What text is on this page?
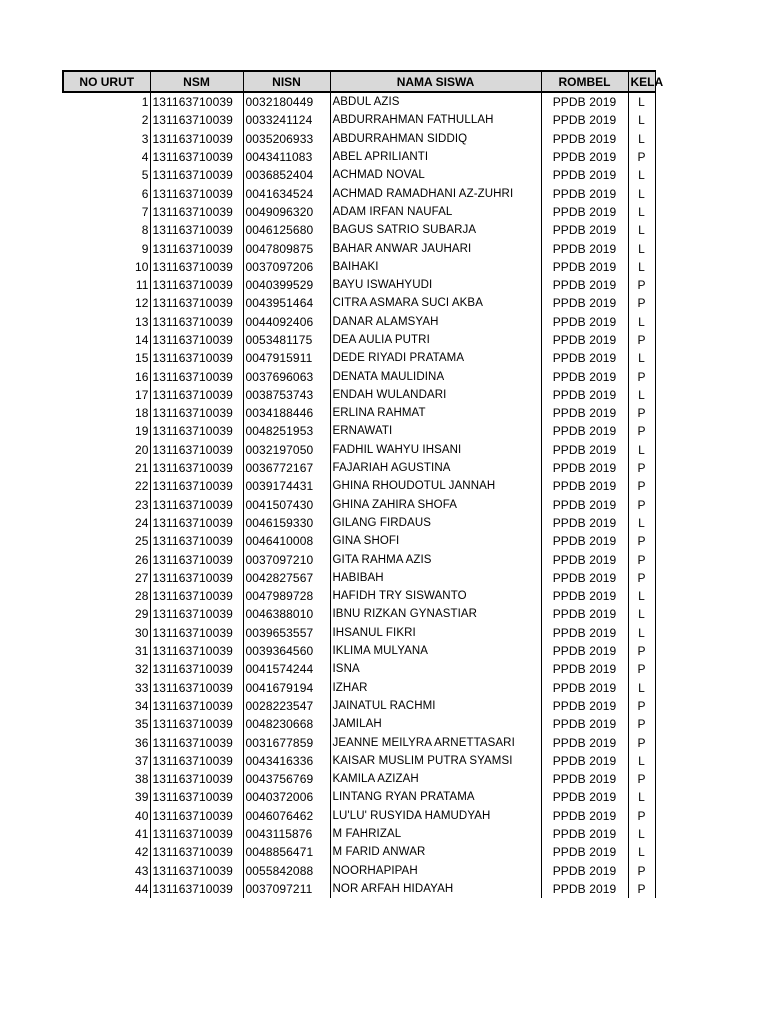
NO URUT	NSM	NISN	NAMA SISWA	ROMBEL	KELA
1	131163710039	0032180449	ABDUL AZIS	PPDB 2019	L
2	131163710039	0033241124	ABDURRAHMAN FATHULLAH	PPDB 2019	L
3	131163710039	0035206933	ABDURRAHMAN SIDDIQ	PPDB 2019	L
4	131163710039	0043411083	ABEL APRILIANTI	PPDB 2019	P
5	131163710039	0036852404	ACHMAD NOVAL	PPDB 2019	L
6	131163710039	0041634524	ACHMAD RAMADHANI AZ-ZUHRI	PPDB 2019	L
7	131163710039	0049096320	ADAM IRFAN NAUFAL	PPDB 2019	L
8	131163710039	0046125680	BAGUS SATRIO SUBARJA	PPDB 2019	L
9	131163710039	0047809875	BAHAR ANWAR JAUHARI	PPDB 2019	L
10	131163710039	0037097206	BAIHAKI	PPDB 2019	L
11	131163710039	0040399529	BAYU ISWAHYUDI	PPDB 2019	P
12	131163710039	0043951464	CITRA ASMARA SUCI AKBA	PPDB 2019	P
13	131163710039	0044092406	DANAR ALAMSYAH	PPDB 2019	L
14	131163710039	0053481175	DEA AULIA PUTRI	PPDB 2019	P
15	131163710039	0047915911	DEDE RIYADI PRATAMA	PPDB 2019	L
16	131163710039	0037696063	DENATA MAULIDINA	PPDB 2019	P
17	131163710039	0038753743	ENDAH WULANDARI	PPDB 2019	L
18	131163710039	0034188446	ERLINA RAHMAT	PPDB 2019	P
19	131163710039	0048251953	ERNAWATI	PPDB 2019	P
20	131163710039	0032197050	FADHIL WAHYU IHSANI	PPDB 2019	L
21	131163710039	0036772167	FAJARIAH AGUSTINA	PPDB 2019	P
22	131163710039	0039174431	GHINA RHOUDOTUL JANNAH	PPDB 2019	P
23	131163710039	0041507430	GHINA ZAHIRA SHOFA	PPDB 2019	P
24	131163710039	0046159330	GILANG FIRDAUS	PPDB 2019	L
25	131163710039	0046410008	GINA SHOFI	PPDB 2019	P
26	131163710039	0037097210	GITA RAHMA AZIS	PPDB 2019	P
27	131163710039	0042827567	HABIBAH	PPDB 2019	P
28	131163710039	0047989728	HAFIDH TRY SISWANTO	PPDB 2019	L
29	131163710039	0046388010	IBNU RIZKAN GYNASTIAR	PPDB 2019	L
30	131163710039	0039653557	IHSANUL FIKRI	PPDB 2019	L
31	131163710039	0039364560	IKLIMA MULYANA	PPDB 2019	P
32	131163710039	0041574244	ISNA	PPDB 2019	P
33	131163710039	0041679194	IZHAR	PPDB 2019	L
34	131163710039	0028223547	JAINATUL RACHMI	PPDB 2019	P
35	131163710039	0048230668	JAMILAH	PPDB 2019	P
36	131163710039	0031677859	JEANNE MEILYRA ARNETTASARI	PPDB 2019	P
37	131163710039	0043416336	KAISAR MUSLIM PUTRA SYAMSI	PPDB 2019	L
38	131163710039	0043756769	KAMILA AZIZAH	PPDB 2019	P
39	131163710039	0040372006	LINTANG RYAN PRATAMA	PPDB 2019	L
40	131163710039	0046076462	LU'LU' RUSYIDA HAMUDYAH	PPDB 2019	P
41	131163710039	0043115876	M FAHRIZAL	PPDB 2019	L
42	131163710039	0048856471	M FARID ANWAR	PPDB 2019	L
43	131163710039	0055842088	NOORHAPIPAH	PPDB 2019	P
44	131163710039	0037097211	NOR ARFAH HIDAYAH	PPDB 2019	P
